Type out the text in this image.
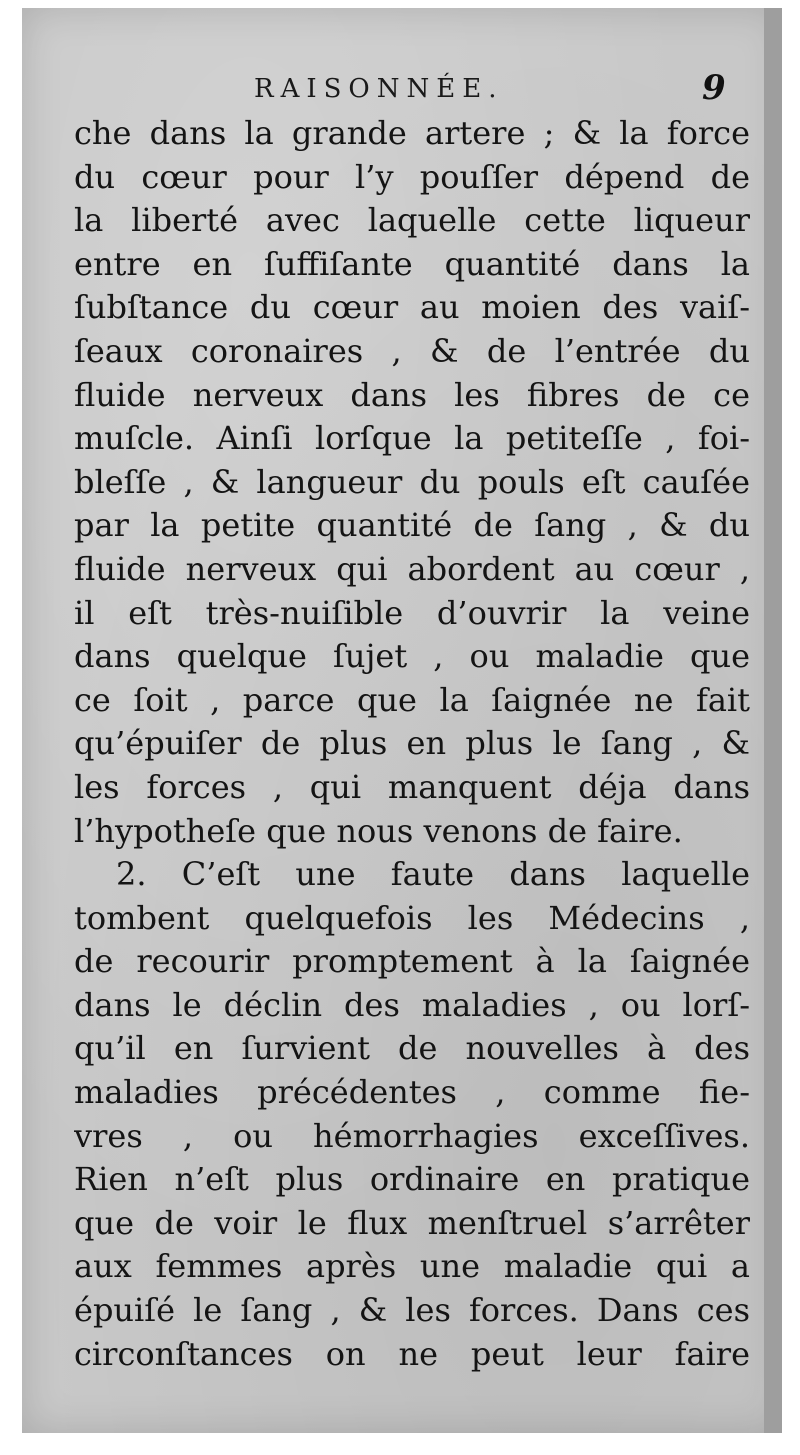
RAISONNÉE.	9
che dans la grande artere ; & la force
du cœur pour l’y pouſſer dépend de
la liberté avec laquelle cette liqueur
entre en ſuffiſante quantité dans la
ſubſtance du cœur au moien des vaiſ-
ſeaux coronaires , & de l’entrée du
fluide nerveux dans les fibres de ce
muſcle. Ainſi lorſque la petiteſſe , foi-
bleſſe , & langueur du pouls eſt cauſée
par la petite quantité de ſang , & du
fluide nerveux qui abordent au cœur ,
il eſt très-nuiſible d’ouvrir la veine
dans quelque ſujet , ou maladie que
ce ſoit , parce que la ſaignée ne fait
qu’épuiſer de plus en plus le ſang , &
les forces , qui manquent déja dans
l’hypotheſe que nous venons de faire.
2. C’eſt une faute dans laquelle
tombent quelquefois les Médecins ,
de recourir promptement à la ſaignée
dans le déclin des maladies , ou lorſ-
qu’il en ſurvient de nouvelles à des
maladies précédentes , comme fie-
vres , ou hémorrhagies exceſſives.
Rien n’eſt plus ordinaire en pratique
que de voir le flux menſtruel s’arrêter
aux femmes après une maladie qui a
épuiſé le ſang , & les forces. Dans ces
circonſtances on ne peut leur faire
